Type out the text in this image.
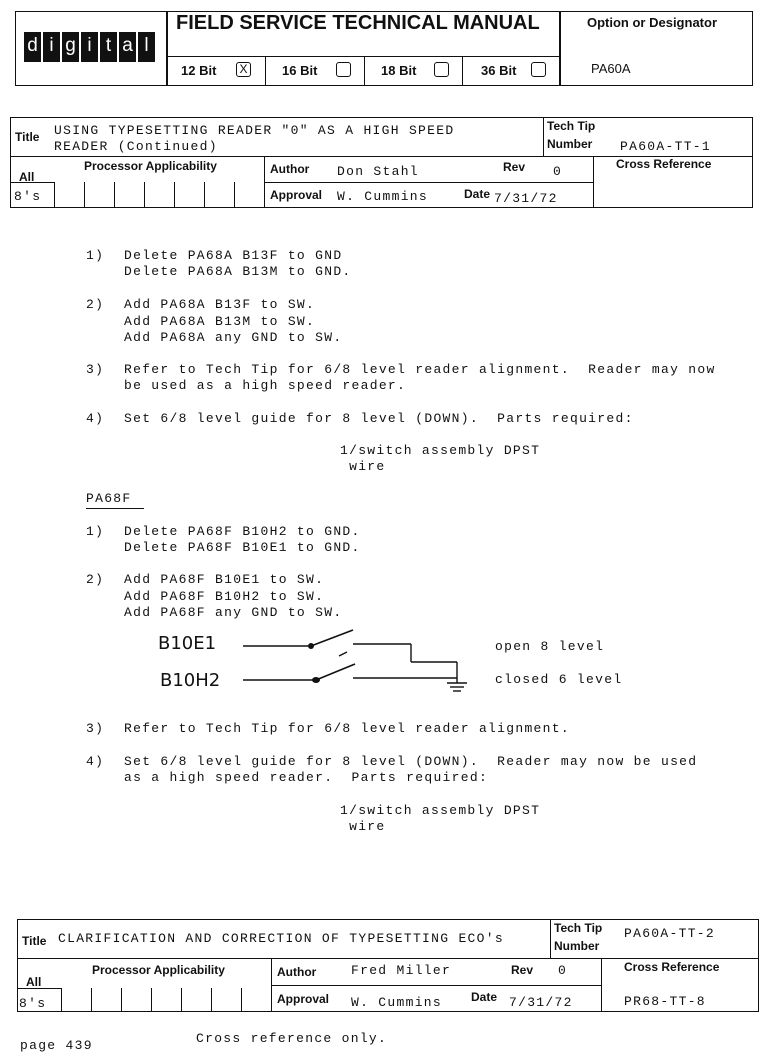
d i g i t a l
FIELD SERVICE TECHNICAL MANUAL
12 Bit X	16 Bit	18 Bit	36 Bit
Option or Designator
PA60A
Title USING TYPESETTING READER "0" AS A HIGH SPEED
READER (Continued)
Tech Tip
Number PA60A-TT-1
Processor Applicability
All
8's
Author Don Stahl	Rev 0
Approval W. Cummins	Date 7/31/72
Cross Reference
1) Delete PA68A B13F to GND
Delete PA68A B13M to GND.
2) Add PA68A B13F to SW.
Add PA68A B13M to SW.
Add PA68A any GND to SW.
3) Refer to Tech Tip for 6/8 level reader alignment.  Reader may now
be used as a high speed reader.
4) Set 6/8 level guide for 8 level (DOWN).  Parts required:
1/switch assembly DPST
wire
PA68F
1) Delete PA68F B10H2 to GND.
Delete PA68F B10E1 to GND.
2) Add PA68F B10E1 to SW.
Add PA68F B10H2 to SW.
Add PA68F any GND to SW.
B10E1
B10H2
open 8 level
closed 6 level
3) Refer to Tech Tip for 6/8 level reader alignment.
4) Set 6/8 level guide for 8 level (DOWN).  Reader may now be used
as a high speed reader.  Parts required:
1/switch assembly DPST
wire
Title CLARIFICATION AND CORRECTION OF TYPESETTING ECO's
Tech Tip
Number
PA60A-TT-2
Processor Applicability
All
8's
Author	Fred Miller	Rev 0
Approval W. Cummins Date 7/31/72
Cross Reference
PR68-TT-8
page 439	Cross reference only.
